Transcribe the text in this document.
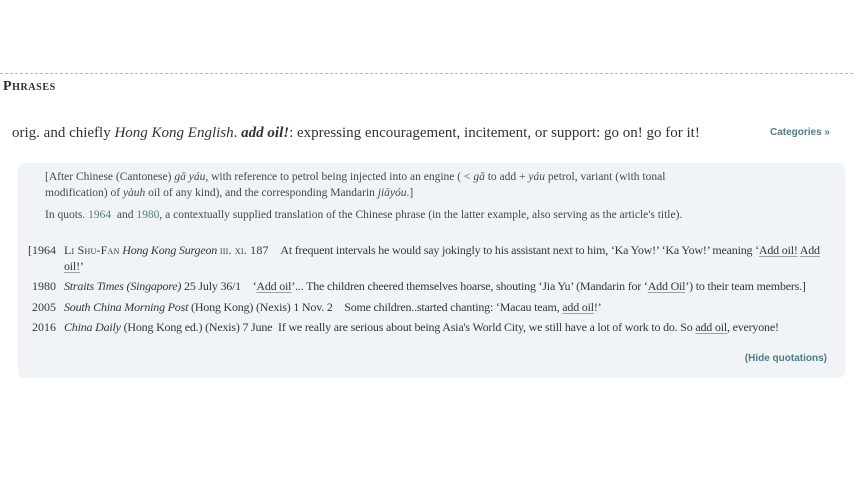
Phrases
Categories »

orig. and chiefly Hong Kong English. add oil!: expressing encouragement, incitement, or support: go on! go for it!

[After Chinese (Cantonese) gā yáu, with reference to petrol being injected into an engine ( < gā to add + yáu petrol, variant (with tonal modification) of yàuh oil of any kind), and the corresponding Mandarin jiāyóu.]

In quots. 1964 and 1980, a contextually supplied translation of the Chinese phrase (in the latter example, also serving as the article's title).

[1964 Li Shu-Fan Hong Kong Surgeon iii. xi. 187  At frequent intervals he would say jokingly to his assistant next to him, ‘Ka Yow!’ ‘Ka Yow!’ meaning ‘Add oil! Add oil!’
1980 Straits Times (Singapore) 25 July 36/1  ‘Add oil’... The children cheered themselves hoarse, shouting ‘Jia Yu’ (Mandarin for ‘Add Oil’) to their team members.]
2005 South China Morning Post (Hong Kong) (Nexis) 1 Nov. 2  Some children..started chanting: ‘Macau team, add oil!’
2016 China Daily (Hong Kong ed.) (Nexis) 7 June If we really are serious about being Asia's World City, we still have a lot of work to do. So add oil, everyone!
(Hide quotations)
